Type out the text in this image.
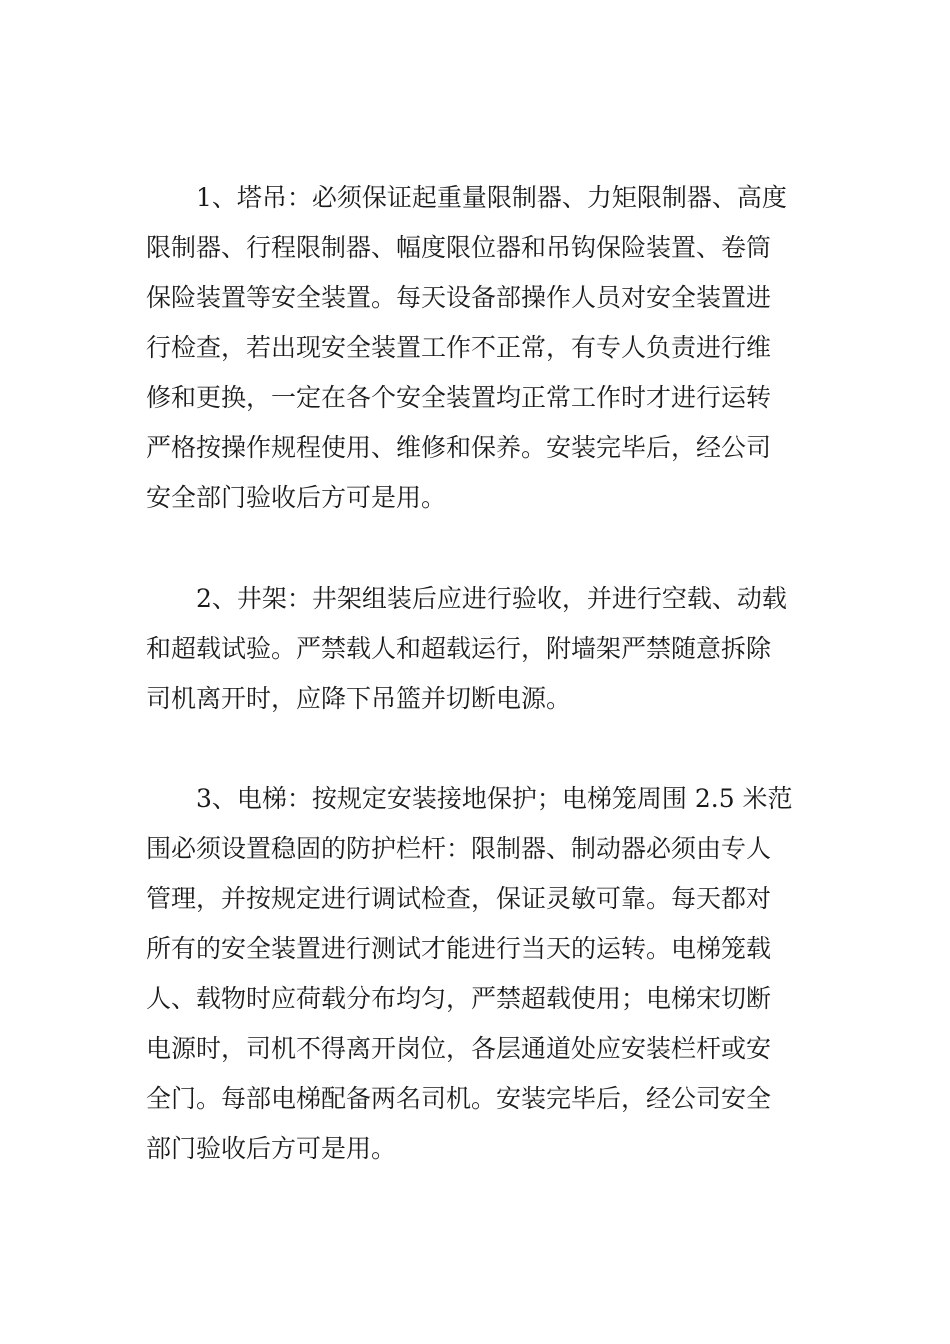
1、塔吊：必须保证起重量限制器、力矩限制器、高度
限制器、行程限制器、幅度限位器和吊钩保险装置、卷筒
保险装置等安全装置。每天设备部操作人员对安全装置进
行检查，若出现安全装置工作不正常，有专人负责进行维
修和更换，一定在各个安全装置均正常工作时才进行运转
严格按操作规程使用、维修和保养。安装完毕后，经公司
安全部门验收后方可是用。
2、井架：井架组装后应进行验收，并进行空载、动载
和超载试验。严禁载人和超载运行，附墙架严禁随意拆除
司机离开时，应降下吊篮并切断电源。
3、电梯：按规定安装接地保护；电梯笼周围 2.5 米范
围必须设置稳固的防护栏杆：限制器、制动器必须由专人
管理，并按规定进行调试检查，保证灵敏可靠。每天都对
所有的安全装置进行测试才能进行当天的运转。电梯笼载
人、载物时应荷载分布均匀，严禁超载使用；电梯宋切断
电源时，司机不得离开岗位，各层通道处应安装栏杆或安
全门。每部电梯配备两名司机。安装完毕后，经公司安全
部门验收后方可是用。
